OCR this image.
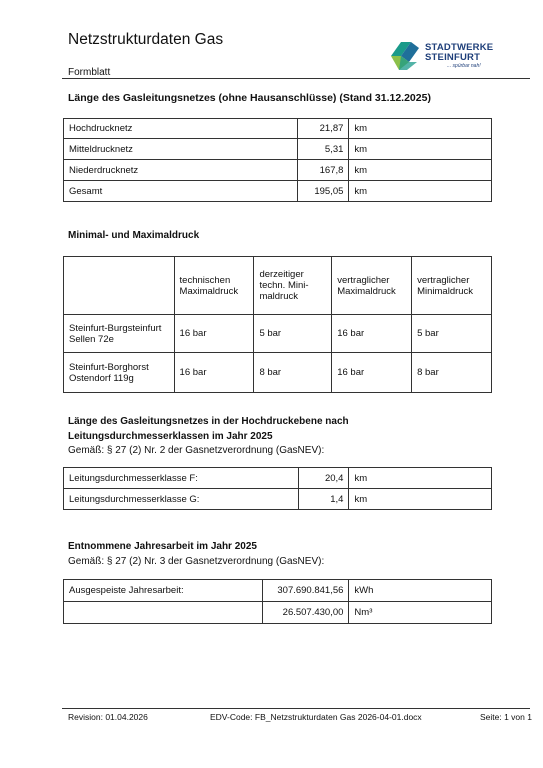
Netzstrukturdaten Gas	STADTWERKE
STEINFURT
... spürbar nah!
Formblatt
Länge des Gasleitungsnetzes (ohne Hausanschlüsse) (Stand 31.12.2025)
Hochdrucknetz	21,87	km
Mitteldrucknetz	5,31	km
Niederdrucknetz	167,8	km
Gesamt	195,05	km
Minimal- und Maximaldruck
	technischen Maximaldruck	derzeitiger techn. Mini-maldruck	vertraglicher Maximaldruck	vertraglicher Minimaldruck
Steinfurt-Burgsteinfurt Sellen 72e	16 bar	5 bar	16 bar	5 bar
Steinfurt-Borghorst Ostendorf 119g	16 bar	8 bar	16 bar	8 bar
Länge des Gasleitungsnetzes in der Hochdruckebene nach
Leitungsdurchmesserklassen im Jahr 2025
Gemäß: § 27 (2) Nr. 2 der Gasnetzverordnung (GasNEV):
Leitungsdurchmesserklasse F:	20,4	km
Leitungsdurchmesserklasse G:	1,4	km
Entnommene Jahresarbeit im Jahr 2025
Gemäß: § 27 (2) Nr. 3 der Gasnetzverordnung (GasNEV):
Ausgespeiste Jahresarbeit:	307.690.841,56	kWh
	26.507.430,00	Nm³
Revision: 01.04.2026	EDV-Code: FB_Netzstrukturdaten Gas 2026-04-01.docx	Seite: 1 von 1
